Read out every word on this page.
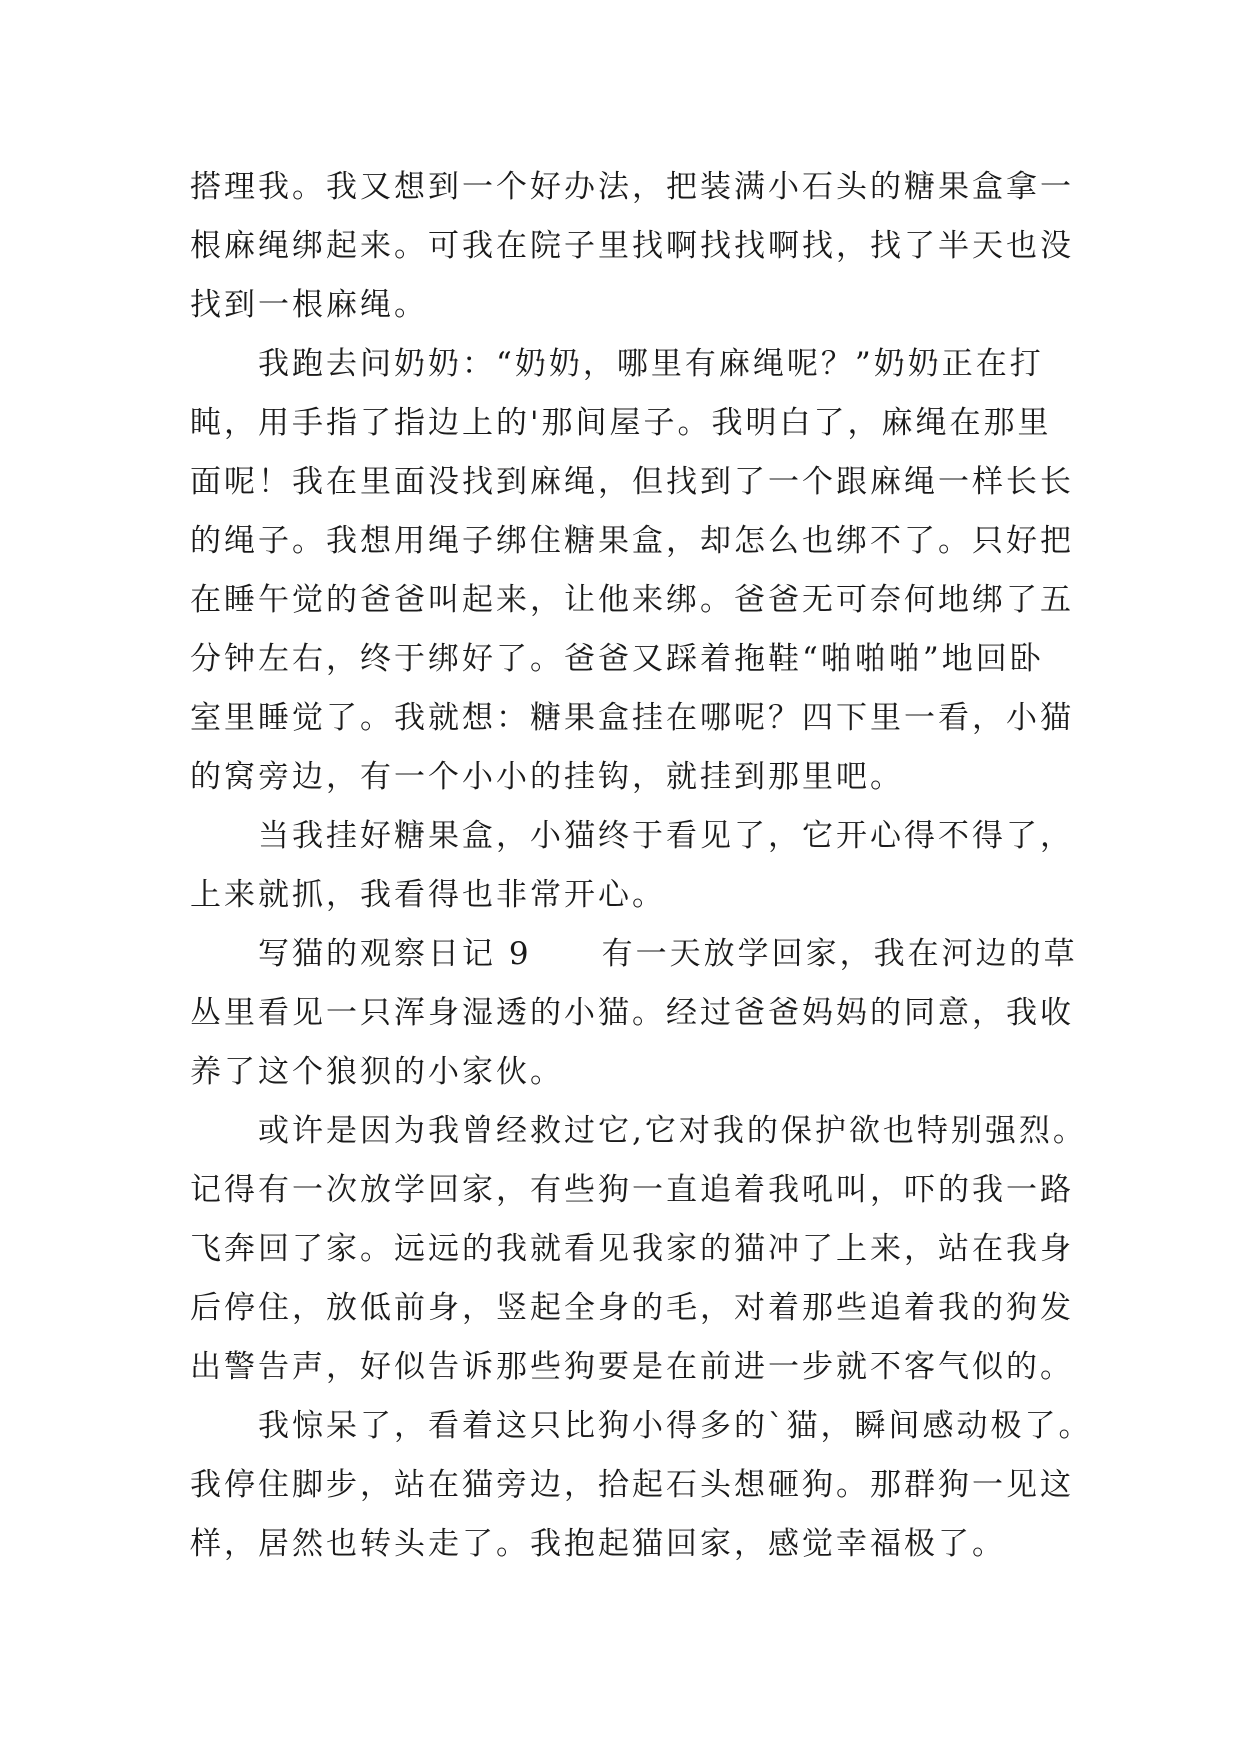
搭理我。我又想到一个好办法，把装满小石头的糖果盒拿一
根麻绳绑起来。可我在院子里找啊找找啊找，找了半天也没
找到一根麻绳。
　　我跑去问奶奶：“奶奶，哪里有麻绳呢？”奶奶正在打
盹，用手指了指边上的'那间屋子。我明白了，麻绳在那里
面呢！我在里面没找到麻绳，但找到了一个跟麻绳一样长长
的绳子。我想用绳子绑住糖果盒，却怎么也绑不了。只好把
在睡午觉的爸爸叫起来，让他来绑。爸爸无可奈何地绑了五
分钟左右，终于绑好了。爸爸又踩着拖鞋“啪啪啪”地回卧
室里睡觉了。我就想：糖果盒挂在哪呢？四下里一看，小猫
的窝旁边，有一个小小的挂钩，就挂到那里吧。
　　当我挂好糖果盒，小猫终于看见了，它开心得不得了，
上来就抓，我看得也非常开心。
　　写猫的观察日记 9 有一天放学回家，我在河边的草
丛里看见一只浑身湿透的小猫。经过爸爸妈妈的同意，我收
养了这个狼狈的小家伙。
　　或许是因为我曾经救过它,它对我的保护欲也特别强烈。
记得有一次放学回家，有些狗一直追着我吼叫，吓的我一路
飞奔回了家。远远的我就看见我家的猫冲了上来，站在我身
后停住，放低前身，竖起全身的毛，对着那些追着我的狗发
出警告声，好似告诉那些狗要是在前进一步就不客气似的。
　　我惊呆了，看着这只比狗小得多的`猫，瞬间感动极了。
我停住脚步，站在猫旁边，拾起石头想砸狗。那群狗一见这
样，居然也转头走了。我抱起猫回家，感觉幸福极了。
